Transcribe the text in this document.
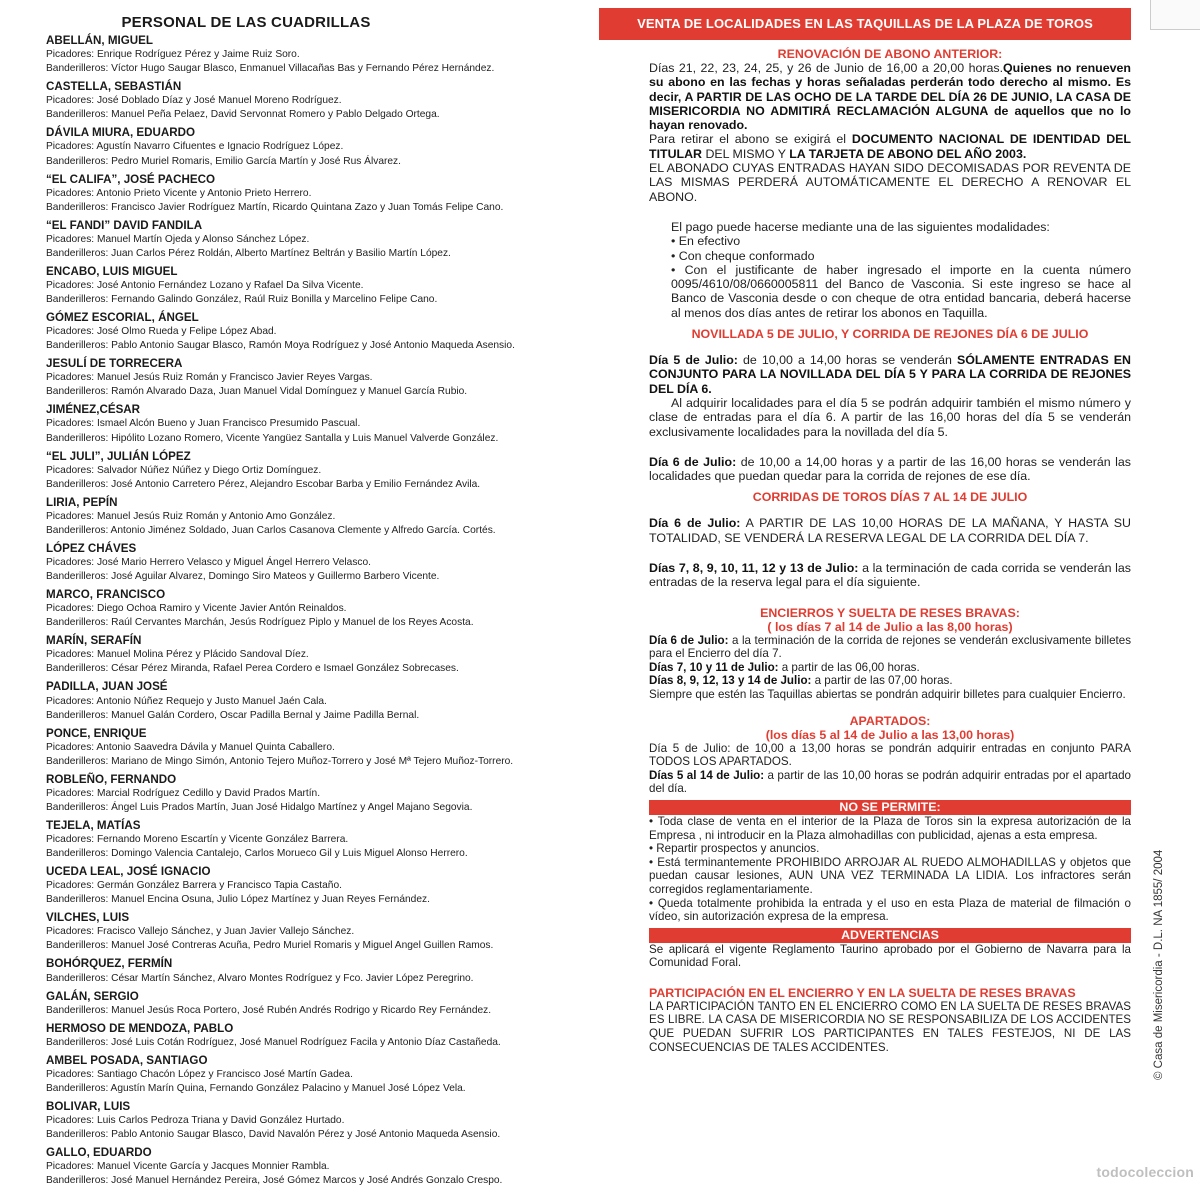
PERSONAL DE LAS CUADRILLAS
ABELLÁN, MIGUEL
Picadores: Enrique Rodríguez Pérez y Jaime Ruiz Soro.
Banderilleros: Víctor Hugo Saugar Blasco, Enmanuel Villacañas Bas y Fernando Pérez Hernández.
CASTELLA, SEBASTIÁN
Picadores: José Doblado Díaz y José Manuel Moreno Rodríguez.
Banderilleros: Manuel Peña Pelaez, David Servonnat Romero y Pablo Delgado Ortega.
DÁVILA MIURA, EDUARDO
Picadores: Agustín Navarro Cifuentes e Ignacio Rodríguez López.
Banderilleros: Pedro Muriel Romaris, Emilio García Martín y José Rus Álvarez.
“EL CALIFA”, JOSÉ PACHECO
Picadores: Antonio Prieto Vicente y Antonio Prieto Herrero.
Banderilleros: Francisco Javier Rodríguez Martín, Ricardo Quintana Zazo y Juan Tomás Felipe Cano.
“EL FANDI” DAVID FANDILA
Picadores: Manuel Martín Ojeda y Alonso Sánchez López.
Banderilleros: Juan Carlos Pérez Roldán, Alberto Martínez Beltrán y Basilio Martín López.
ENCABO, LUIS MIGUEL
Picadores: José Antonio Fernández Lozano y Rafael Da Silva Vicente.
Banderilleros: Fernando Galindo González, Raúl Ruiz Bonilla y Marcelino Felipe Cano.
GÓMEZ ESCORIAL, ÁNGEL
Picadores: José Olmo Rueda y Felipe López Abad.
Banderilleros: Pablo Antonio Saugar Blasco, Ramón Moya Rodríguez y José Antonio Maqueda Asensio.
JESULÍ DE TORRECERA
Picadores: Manuel Jesús Ruiz Román y Francisco Javier Reyes Vargas.
Banderilleros: Ramón Alvarado Daza, Juan Manuel Vidal Domínguez y Manuel García Rubio.
JIMÉNEZ,CÉSAR
Picadores: Ismael Alcón Bueno y Juan Francisco Presumido Pascual.
Banderilleros: Hipólito Lozano Romero, Vicente Yangüez Santalla y Luis Manuel Valverde González.
“EL JULI”, JULIÁN LÓPEZ
Picadores: Salvador Núñez Núñez y Diego Ortiz Domínguez.
Banderilleros: José Antonio Carretero Pérez, Alejandro Escobar Barba y Emilio Fernández Avila.
LIRIA, PEPÍN
Picadores: Manuel Jesús Ruiz Román y Antonio Amo González.
Banderilleros: Antonio Jiménez Soldado, Juan Carlos Casanova Clemente y Alfredo García. Cortés.
LÓPEZ CHÁVES
Picadores: José Mario Herrero Velasco y Miguel Ángel Herrero Velasco.
Banderilleros: José Aguilar Alvarez, Domingo Siro Mateos y Guillermo Barbero Vicente.
MARCO, FRANCISCO
Picadores: Diego Ochoa Ramiro y Vicente Javier Antón Reinaldos.
Banderilleros: Raúl Cervantes Marchán, Jesús Rodríguez Piplo y Manuel de los Reyes Acosta.
MARÍN, SERAFÍN
Picadores: Manuel Molina Pérez y Plácido Sandoval Díez.
Banderilleros: César Pérez Miranda, Rafael Perea Cordero e Ismael González Sobrecases.
PADILLA, JUAN JOSÉ
Picadores: Antonio Núñez Requejo y Justo Manuel Jaén Cala.
Banderilleros: Manuel Galán Cordero, Oscar Padilla Bernal y Jaime Padilla Bernal.
PONCE, ENRIQUE
Picadores: Antonio Saavedra Dávila y Manuel Quinta Caballero.
Banderilleros: Mariano de Mingo Simón, Antonio Tejero Muñoz-Torrero y José Mª Tejero Muñoz-Torrero.
ROBLEÑO, FERNANDO
Picadores: Marcial Rodríguez Cedillo y David Prados Martín.
Banderilleros: Ángel Luis Prados Martín, Juan José Hidalgo Martínez y Angel Majano Segovia.
TEJELA, MATÍAS
Picadores: Fernando Moreno Escartín y Vicente González Barrera.
Banderilleros: Domingo Valencia Cantalejo, Carlos Morueco Gil y Luis Miguel Alonso Herrero.
UCEDA LEAL, JOSÉ IGNACIO
Picadores: Germán González Barrera y Francisco Tapia Castaño.
Banderilleros: Manuel Encina Osuna, Julio López Martínez y Juan Reyes Fernández.
VILCHES, LUIS
Picadores: Fracisco Vallejo Sánchez, y Juan Javier Vallejo Sánchez.
Banderilleros: Manuel José Contreras Acuña, Pedro Muriel Romaris y Miguel Angel Guillen Ramos.
BOHÓRQUEZ, FERMÍN
Banderilleros: César Martín Sánchez, Alvaro Montes Rodríguez y Fco. Javier López Peregrino.
GALÁN, SERGIO
Banderilleros: Manuel Jesús Roca Portero, José Rubén Andrés Rodrigo y Ricardo Rey Fernández.
HERMOSO DE MENDOZA, PABLO
Banderilleros: José Luis Cotán Rodríguez, José Manuel Rodríguez Facila y Antonio Díaz Castañeda.
AMBEL POSADA, SANTIAGO
Picadores: Santiago Chacón López y Francisco José Martín Gadea.
Banderilleros: Agustín Marín Quina, Fernando González Palacino y Manuel José López Vela.
BOLIVAR, LUIS
Picadores: Luis Carlos Pedroza Triana y David González Hurtado.
Banderilleros: Pablo Antonio Saugar Blasco, David Navalón Pérez y José Antonio Maqueda Asensio.
GALLO, EDUARDO
Picadores: Manuel Vicente García y Jacques Monnier Rambla.
Banderilleros: José Manuel Hernández Pereira, José Gómez Marcos y José Andrés Gonzalo Crespo.
VENTA DE LOCALIDADES EN LAS TAQUILLAS DE LA PLAZA DE TOROS
RENOVACIÓN DE ABONO ANTERIOR:

Días 21, 22, 23, 24, 25, y 26 de Junio de 16,00 a 20,00 horas.Quienes no renueven su abono en las fechas y horas señaladas perderán todo derecho al mismo. Es decir, A PARTIR DE LAS OCHO DE LA TARDE DEL DÍA 26 DE JUNIO, LA CASA DE MISERICORDIA NO ADMITIRÁ RECLAMACIÓN ALGUNA de aquellos que no lo hayan renovado.

Para retirar el abono se exigirá el DOCUMENTO NACIONAL DE IDENTIDAD DEL TITULAR DEL MISMO Y LA TARJETA DE ABONO DEL AÑO 2003.

EL ABONADO CUYAS ENTRADAS HAYAN SIDO DECOMISADAS POR REVENTA DE LAS MISMAS PERDERÁ AUTOMÁTICAMENTE EL DERECHO A RENOVAR EL ABONO.

El pago puede hacerse mediante una de las siguientes modalidades:

• En efectivo
• Con cheque conformado
• Con el justificante de haber ingresado el importe en la cuenta número 0095/4610/08/0660005811 del Banco de Vasconia. Si este ingreso se hace al Banco de Vasconia desde o con cheque de otra entidad bancaria, deberá hacerse al menos dos días antes de retirar los abonos en Taquilla.
NOVILLADA 5 DE JULIO, Y CORRIDA DE REJONES DÍA 6 DE JULIO

Día 5 de Julio: de 10,00 a 14,00 horas se venderán SÓLAMENTE ENTRADAS EN CONJUNTO PARA LA NOVILLADA DEL DÍA 5 Y PARA LA CORRIDA DE REJONES DEL DÍA 6.

Al adquirir localidades para el día 5 se podrán adquirir también el mismo número y clase de entradas para el día 6. A partir de las 16,00 horas del día 5 se venderán exclusivamente localidades para la novillada del día 5.

Día 6 de Julio: de 10,00 a 14,00 horas y a partir de las 16,00 horas se venderán las localidades que puedan quedar para la corrida de rejones de ese día.

CORRIDAS DE TOROS DÍAS 7 AL 14 DE JULIO

Día 6 de Julio: A PARTIR DE LAS 10,00 HORAS DE LA MAÑANA, Y HASTA SU TOTALIDAD, SE VENDERÁ LA RESERVA LEGAL DE LA CORRIDA DEL DÍA 7.

Días 7, 8, 9, 10, 11, 12 y 13 de Julio: a la terminación de cada corrida se venderán las entradas de la reserva legal para el día siguiente.

ENCIERROS Y SUELTA DE RESES BRAVAS:
( los días 7 al 14 de Julio a las 8,00 horas)

Día 6 de Julio: a la terminación de la corrida de rejones se venderán exclusivamente billetes para el Encierro del día 7.

Días 7, 10 y 11 de Julio: a partir de las 06,00 horas.

Días 8, 9, 12, 13 y 14 de Julio: a partir de las 07,00 horas.

Siempre que estén las Taquillas abiertas se pondrán adquirir billetes para cualquier Encierro.

APARTADOS:
(los días 5 al 14 de Julio a las 13,00 horas)

Día 5 de Julio: de 10,00 a 13,00 horas se pondrán adquirir entradas en conjunto PARA TODOS LOS APARTADOS.

Días 5 al 14 de Julio: a partir de las 10,00 horas se podrán adquirir entradas por el apartado del día.

NO SE PERMITE:

• Toda clase de venta en el interior de la Plaza de Toros sin la expresa autorización de la Empresa , ni introducir en la Plaza almohadillas con publicidad, ajenas a esta empresa.

• Repartir prospectos y anuncios.

• Está terminantemente PROHIBIDO ARROJAR AL RUEDO ALMOHADILLAS y objetos que puedan causar lesiones, AUN UNA VEZ TERMINADA LA LIDIA. Los infractores serán corregidos reglamentariamente.

• Queda totalmente prohibida la entrada y el uso en esta Plaza de material de filmación o vídeo, sin autorización expresa de la empresa.

ADVERTENCIAS

Se aplicará el vigente Reglamento Taurino aprobado por el Gobierno de Navarra para la Comunidad Foral.

PARTICIPACIÓN EN EL ENCIERRO Y EN LA SUELTA DE RESES BRAVAS

LA PARTICIPACIÓN TANTO EN EL ENCIERRO COMO EN LA SUELTA DE RESES BRAVAS ES LIBRE. LA CASA DE MISERICORDIA NO SE RESPONSABILIZA DE LOS ACCIDENTES QUE PUEDAN SUFRIR LOS PARTICIPANTES EN TALES FESTEJOS, NI DE LAS CONSECUENCIAS DE TALES ACCIDENTES.	© Casa de Misericordia - D.L. NA 1855/ 2004
todocoleccion
